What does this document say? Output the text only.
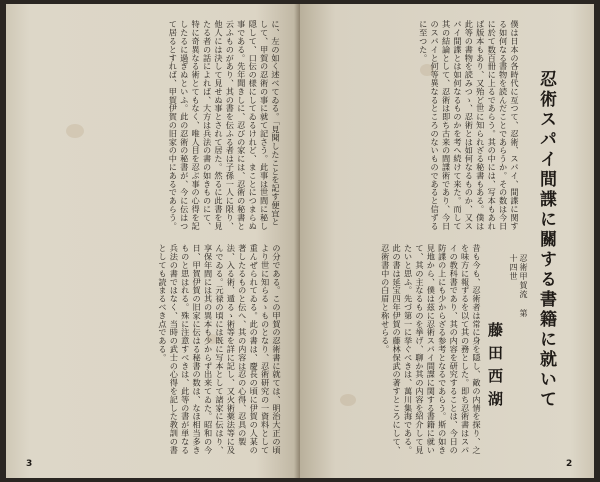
に、左の如く述べてゐる。「見聞したことを記す便宜として、甲賀の忍術の事に就て記さう。此事は世間に秘し隠して、口伝の様にしてゐるけれど、まことにつまらぬ事である。先年聞きしに、忍びの家には、忍術の秘書と云ふものがあり、其の書を伝ふる者は子孫一人に限り、他人には決して見せぬ事とされて居た。然るに此書を見たる者の話によれば、大方は兵法の書の如きものにて、特に奇異なる術とてもなく、唯人目を忍ぶ事の心得を記したるに過ぎぬといふ。此の忍術の秘書が、今に伝はつて居るとすれば、甲賀伊賀の旧家の中にあるであらう。
の分である。この甲賀の忍術書に就ては、明治大正の頃より世に知らるゝものとなり、忍術研究の一資料として重んぜられてゐる。此の書は、慶長の頃に伊賀の人某の著したるものと伝へ、其の内容は忍の心得、忍具の製法、入る術、遁るゝ術等を詳に記し、又火術薬法等に及んでゐる。元禄の頃には既に写本として諸家に伝はり、享保年間には其の異本も少からず出来てゐた。昭和の今日、甲賀伊賀の旧家に伝はる秘書の数は、なほ相当多きものと思はれる。殊に注意すべきは、此等の書が単なる兵法の書ではなく、当時の武士の心得を記した教訓の書としても読まるべき点である。
3
忍術スパイ間諜に關する書籍に就いて
忍術甲賀流 第十四世
藤田西湖
僕は日本の各時代に亙つて、忍術、スパイ、間諜に関する如何なる書物を読んだことであらうか。その数は今日に於て数百冊に上るであらう。其の中には、写本もあれば版本もあり、又殆ど世に知られざる秘書もある。僕は此等の書物を読みつゝ、忍術とは如何なるものか、又スパイ間諜とは如何なるものかを考へ続けて来た。而して其の結論として、忍術は即ち古来の間諜術であり、今日のスパイと何等異なるところのないものであると信ずるに至つた。
昔も今も、忍術者は常に身を隠し、敵の内情を探り、之を味方に報ずるを以て其の務とした。即ち忍術書はスパイの教科書であり、其の内容を研究することは、今日の防諜の上にも少からざる参考となるであらう。斯の如き見地から、僕は茲に忍術スパイ間諜に関する書籍に就いて、其の主なるものを挙げ、聊か其の内容を紹介して見たいと思ふ。先づ第一に挙ぐべきは、萬川集海である。此の書は延宝四年伊賀の藤林保武の著すところにして、忍術書中の白眉と称せらる。
2
